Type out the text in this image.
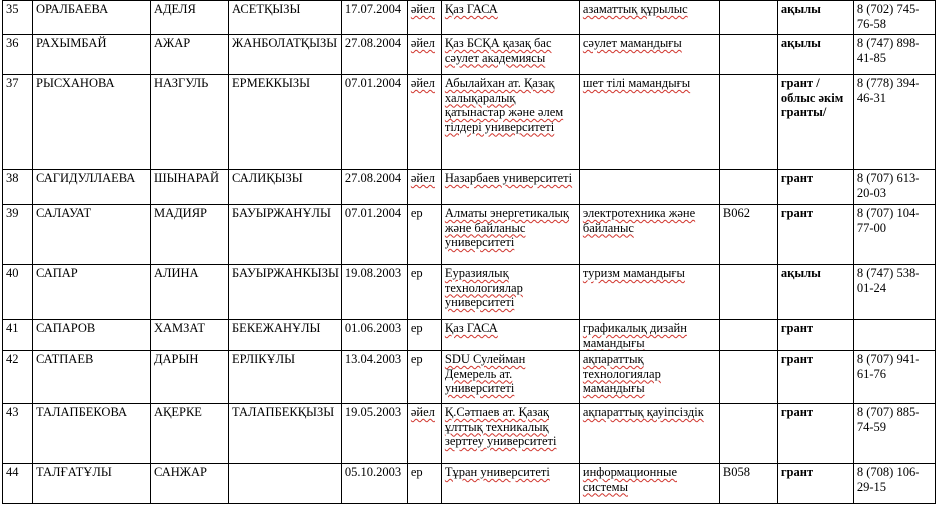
35	ОРАЛБАЕВА	АДЕЛЯ	АСЕТҚЫЗЫ	17.07.2004	әйел	Қаз ГАСА	азаматтық құрылыс		ақылы	8 (702) 745-76-58
36	РАХЫМБАЙ	АЖАР	ЖАНБОЛАТҚЫЗЫ	27.08.2004	әйел	Қаз БСҚА қазақ бас сәулет академиясы	сәулет мамандығы		ақылы	8 (747) 898-41-85
37	РЫСХАНОВА	НАЗГУЛЬ	ЕРМЕККЫЗЫ	07.01.2004	әйел	Абылайхан ат. Қазақ халықаралық қатынастар және әлем тілдері университеті	шет тілі мамандығы		грант /облыс әкім гранты/	8 (778) 394-46-31
38	САГИДУЛЛАЕВА	ШЫНАРАЙ	САЛИҚЫЗЫ	27.08.2004	әйел	Назарбаев университеті			грант	8 (707) 613-20-03
39	САЛАУАТ	МАДИЯР	БАУЫРЖАНҰЛЫ	07.01.2004	ер	Алматы энергетикалық және байланыс университеті	электротехника және байланыс	B062	грант	8 (707) 104-77-00
40	САПАР	АЛИНА	БАУЫРЖАНКЫЗЫ	19.08.2003	ер	Еуразиялық технологиялар университеті	туризм мамандығы		ақылы	8 (747) 538-01-24
41	САПАРОВ	ХАМЗАТ	БЕКЕЖАНҰЛЫ	01.06.2003	ер	Қаз ГАСА	графикалық дизайн мамандығы		грант	
42	САТПАЕВ	ДАРЫН	ЕРЛІКҰЛЫ	13.04.2003	ер	SDU Сулейман Демерель ат. университеті	ақпараттық технологиялар мамандығы		грант	8 (707) 941-61-76
43	ТАЛАПБЕКОВА	АҚЕРКЕ	ТАЛАПБЕКҚЫЗЫ	19.05.2003	әйел	Қ.Сәтпаев ат. Қазақ ұлттық техникалық зерттеу университеті	ақпараттық қауіпсіздік		грант	8 (707) 885-74-59
44	ТАЛҒАТҰЛЫ	САНЖАР		05.10.2003	ер	Тұран университеті	информационные системы	B058	грант	8 (708) 106-29-15
